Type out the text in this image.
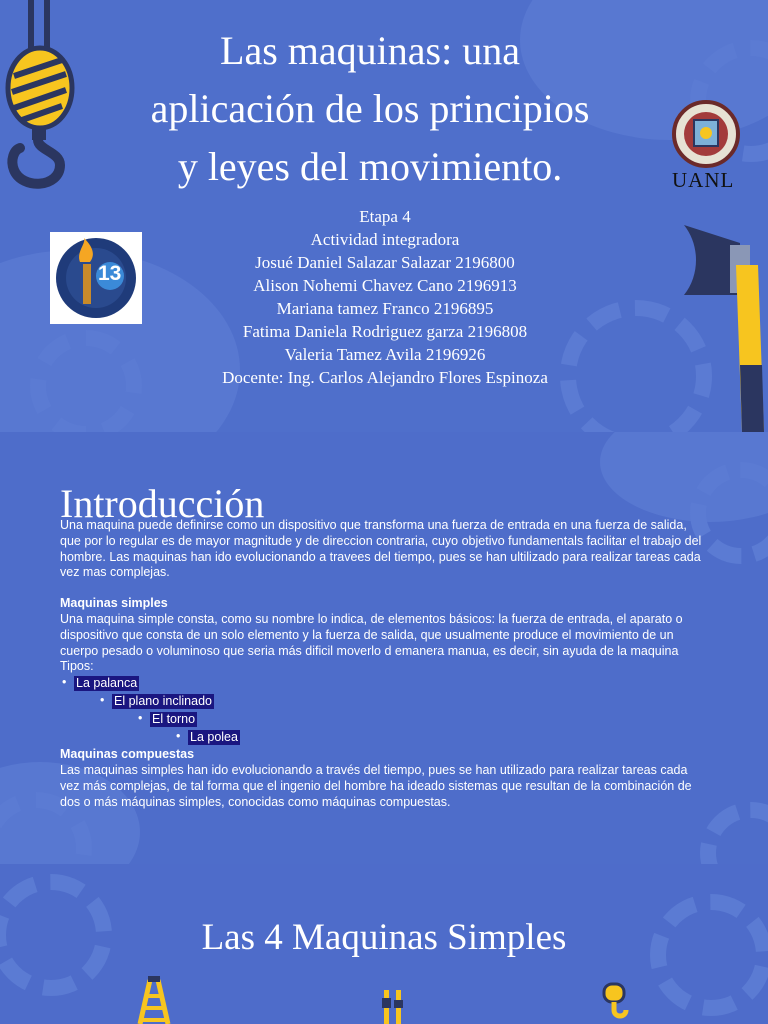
Las maquinas: una
aplicación de los principios
y leyes del movimiento.	UANL
13
Etapa 4
Actividad integradora
Josué Daniel Salazar Salazar 2196800
Alison Nohemi Chavez Cano 2196913
Mariana tamez Franco 2196895
Fatima Daniela Rodriguez garza 2196808
Valeria Tamez Avila 2196926
Docente: Ing. Carlos Alejandro Flores Espinoza
Introducción

Una maquina puede definirse como un dispositivo que transforma una fuerza de entrada en una fuerza de salida, que por lo regular es de mayor magnitude y de direccion contraria, cuyo objetivo fundamentals facilitar el trabajo del hombre. Las maquinas han ido evolucionando a travees del tiempo, pues se han ultilizado para realizar tareas cada vez mas complejas.

Maquinas simples

Una maquina simple consta, como su nombre lo indica, de elementos básicos: la fuerza de entrada, el aparato o dispositivo que consta de un solo elemento y la fuerza de salida, que usualmente produce el movimiento de un cuerpo pesado o voluminoso que seria más dificil moverlo d emanera manua, es decir, sin ayuda de la maquina

Tipos:

• La palanca
• El plano inclinado
• El torno
• La polea

Maquinas compuestas

Las maquinas simples han ido evolucionando a través del tiempo, pues se han utilizado para realizar tareas cada vez más complejas, de tal forma que el ingenio del hombre ha ideado sistemas que resultan de la combinación de dos o más máquinas simples, conocidas como máquinas compuestas.

Las 4 Maquinas Simples
